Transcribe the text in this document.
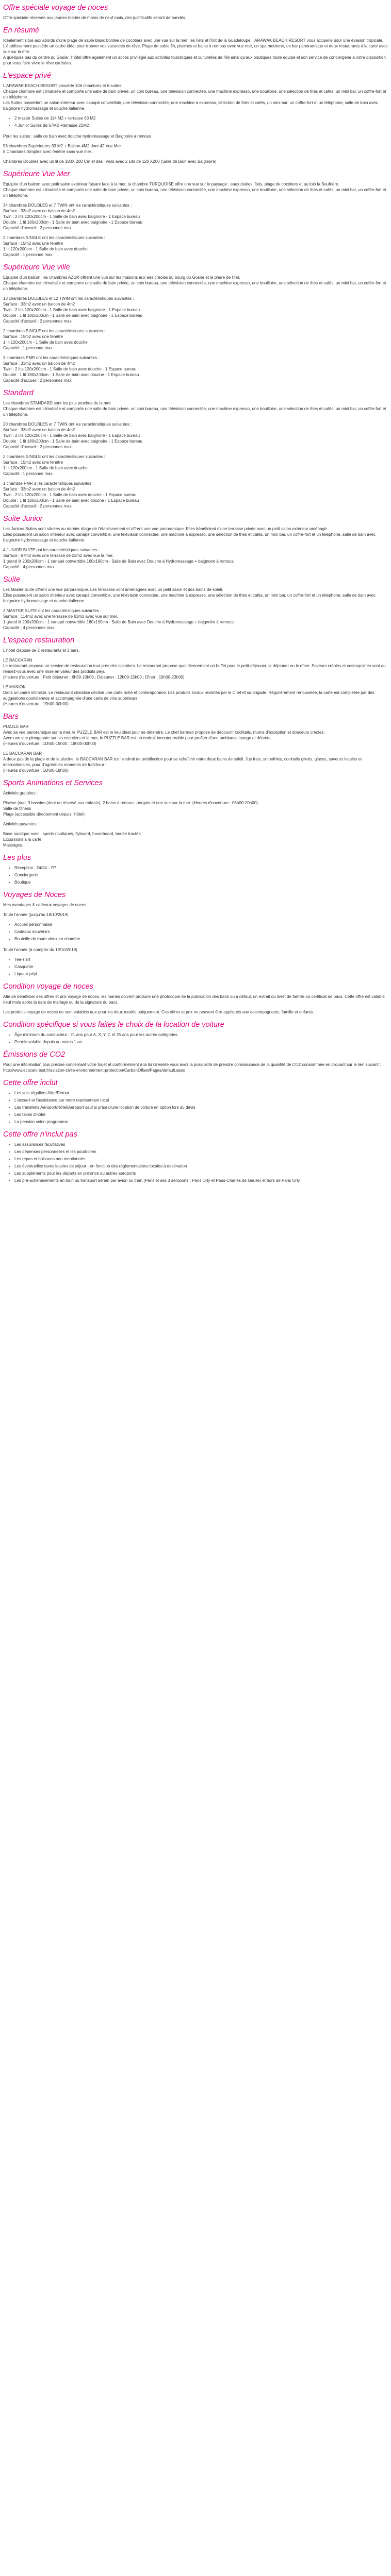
Offre spéciale voyage de noces
Offre spéciale réservée aux jeunes mariés de moins de neuf mois, des justificatifs seront demandés.
En résumé
Idéalement situé aux abords d'une plage de sable blanc bordée de cocotiers avec une vue sur la mer, les îlets et l'îlot de la Guadeloupe, l'ARAWAK BEACH RESORT vous accueille pour une évasion tropicale.
L'établissement possède un cadre idéal pour trouver vos vacances de rêve. Plage de sable fin, piscines et bains à remous avec vue mer, un spa moderne, un bar panoramique et deux restaurants à la carte avec vue sur la mer.
A quelques pas du centre du Gosier, l'hôtel offre également un accès privilégié aux activités touristiques et culturelles de l'île ainsi qu'aux boutiques toute équipé et son service de conciergerie à votre disposition pour vous faire vivre le rêve caribéen.
L'espace privé
L'ARAWAK BEACH RESORT possède 106 chambres et 6 suites.
Chaque chambre est climatisée et comporte une salle de bain privée, un coin bureau, une télévision connectée, une machine expresso, une bouilloire, une sélection de thés et cafés, un mini bar, un coffre-fort et un téléphone.
Les Suites possèdent un salon intérieur avec canapé convertible, une télévision connectée, une machine à expresso, sélection de thés et cafés, un mini bar, un coffre-fort et un téléphone, salle de bain avec baignoire hydromassage et douche italienne.
• 2 master Suites de 114 M2 + terrasse 63 M2
• 4 Junior Suites de 67M2 +terrasse 22M2
Pour les suites : salle de bain avec douche hydromassage et Baignoire à remous
58 chambres Supérieures 33 M2 + Balcon 4M2 dont 42 Vue Mer
8 Chambres Simples avec fenêtre sans vue mer .
Chambres Doubles avec un lit de 180X 200 Cm et des Twins avec 2 Lits de 120 X200 (Salle de Bain avec Baignoire)
Supérieure Vue Mer
Equipée d'un balcon avec petit salon extérieur faisant face à la mer, la chambre TURQUOISE offre une vue sur le paysage : eaux claires, îlets, plage de cocotiers et au loin la Soufrière.
Chaque chambre est climatisée et comporte une salle de bain privée, un coin bureau, une télévision connectée, une machine expresso, une bouilloire, une sélection de thés et cafés, un mini bar, un coffre-fort et un téléphone.
34 chambres DOUBLES et 7 TWIN ont les caractéristiques suivantes :
Surface : 33m2 avec un balcon de 4m2
Twin : 2 lits 120x200cm - 1 Salle de bain avec baignoire - 1 Espace bureau
Double : 1 lit 180x200cm - 1 Salle de bain avec baignoire - 1 Espace bureau
Capacité d'accueil : 2 personnes max.
2 chambres SINGLE ont les caractéristiques suivantes :
Surface : 15m2 avec une fenêtre
1 lit 120x200cm - 1 Salle de bain avec douche
Capacité : 1 personne max
Supérieure Vue ville
Equipée d'un balcon, les chambres AZUR offrent une vue sur les maisons aux airs créoles du bourg du Gosier et la phare de l'Ilet.
Chaque chambre est climatisée et comporte une salle de bain privée, un coin bureau, une télévision connectée, une machine expresso, une bouilloire, une sélection de thés et cafés, un mini bar, un coffre-fort et un téléphone.
13 chambres DOUBLES et 12 TWIN ont les caractéristiques suivantes :
Surface : 33m2 avec un balcon de 4m2
Twin : 2 lits 120x200cm - 1 Salle de bain avec baignoire - 1 Espace bureau
Double : 1 lit 180x200cm - 1 Salle de bain avec baignoire - 1 Espace bureau
Capacité d'accueil : 2 personnes max
2 chambres SINGLE ont les caractéristiques suivantes :
Surface : 15m2 avec une fenêtre
1 lit 120x200cm - 1 Salle de bain avec douche
Capacité : 1 personne max
3 chambres PMR ont les caractéristiques suivantes :
Surface : 33m2 avec un balcon de 4m2
Twin : 2 lits 120x200cm - 1 Salle de bain avec douche - 1 Espace bureau
Double : 1 lit 180x200cm - 1 Salle de bain avec douche - 1 Espace bureau
Capacité d'accueil : 2 personnes max
Standard
Les chambres STANDARD sont les plus proches de la mer.
Chaque chambre est climatisée et comporte une salle de bain privée, un coin bureau, une télévision connectée, une machine expresso, une bouilloire, une sélection de thés et cafés, un mini bar, un coffre-fort et un téléphone.
20 chambres DOUBLES et 7 TWIN ont les caractéristiques suivantes :
Surface : 33m2 avec un balcon de 4m2
Twin : 2 lits 120x200cm - 1 Salle de bain avec baignoire - 1 Espace bureau
Double : 1 lit 180x200cm - 1 Salle de bain avec baignoire - 1 Espace bureau
Capacité d'accueil : 2 personnes max
2 chambres SINGLE ont les caractéristiques suivantes :
Surface : 15m2 avec une fenêtre
1 lit 120x200cm - 1 Salle de bain avec douche
Capacité : 1 personne max
1 chambre PMR à les caractéristiques suivantes :
Surface : 33m2 avec un balcon de 4m2
Twin : 2 lits 120x200cm - 1 Salle de bain avec douche - 1 Espace bureau
Double : 1 lit 180x200cm - 1 Salle de bain avec douche - 1 Espace bureau
Capacité d'accueil : 2 personnes max
Suite Junior
Les Juniors Suites sont situées au dernier étage de l'établissement et offrent une vue panoramique. Elles bénéficient d'une terrasse privée avec un petit salon extérieur aménagé.
Elles possèdent un salon intérieur avec canapé convertible, une télévision connectée, une machine à expresso, une sélection de thés et cafés, un mini bar, un coffre-fort et un téléphone, salle de bain avec baignoire hydromassage et douche italienne.
4 JUNIOR SUITE ont les caractéristiques suivantes :
Surface : 67m2 avec une terrasse de 22m2 avec vue la mer,
1 grand lit 200x200cm - 1 canapé convertible 160x190cm - Salle de Bain avec Douche à Hydromassage + baignoire à remous.
Capacité : 4 personnes max
Suite
Les Master Suite offrent une vue panoramique. Les terrasses sont aménagées avec un petit salon et des bains de soleil.
Elles possèdent un salon intérieur avec canapé convertible, une télévision connectée, une machine à expresso, une sélection de thés et cafés, un mini bar, un coffre-fort et un téléphone, salle de bain avec baignoire hydromassage et douche italienne.
2 MASTER SUITE ont les caractéristiques suivantes :
Surface : 114m2 avec une terrasse de 63m2 avec vue sur mer,
1 grand lit 200x200cm - 1 canapé convertible 160x190cm - Salle de Bain avec Douche à Hydromassage + baignoire à remous.
Capacité : 4 personnes max
L'espace restauration
L'hôtel dispose de 2 restaurants et 2 bars.
LE BACCARAN
Le restaurant propose un service de restauration tout près des cocotiers. Le restaurant propose quotidiennement un buffet pour le petit-déjeuner, le déjeuner ou le dîner. Saveurs créoles et cosmopolites sont au rendez-vous avec une mise en valeur des produits péyi.
(Heures d'ouverture : Petit déjeuner : 6h30-10h00 ; Déjeuner : 12h00-15h00 ; Dîner : 19h00-23h00).
LE MANIOK
Dans un cadre intimiste, Le restaurant climatisé décliné une carte riche et contemporaine. Les produits locaux revisités par le Chef et sa brigade. Régulièrement renouvelée, la carte est complétée par des suggestions quotidiennes et accompagnée d'une carte de vins supérieurs.
(Heures d'ouverture : 19h00-00h00)
Bars
PUZZLE BAR
Avec sa vue panoramique sur la mer, le PUZZLE BAR est le lieu idéal pour se détendre. Le chef barman propose de découvrir cocktails, rhums d'exception et douceurs créoles.
Avec une vue plongeante sur les cocotiers et la mer, le PUZZLE BAR est un endroit incontournable pour profiter d'une ambiance lounge et détente.
(Heures d'ouverture : 10h00-15h00 ; 18h00-00h00)
LE BACCARAN BAR
A deux pas de la plage et de la piscine, le BACCARAN BAR est l'endroit de prédilection pour se rafraîchir entre deux bains de soleil. Jus frais, smoothies, cocktails givrés, glaces, saveurs locales et internationales, pour d'agréables moments de fraîcheur !
(Heures d'ouverture : 10h00-18h00)
Sports Animations et Services
Activités gratuites :
Piscine (vue, 3 bassins (dont un réservé aux enfants), 2 bains à remous, pergola et une vue sur la mer. (Heures d'ouverture : 06h00-20h00)
Salle de fitness
Plage (accessible directement depuis l'hôtel)
Activités payantes :
Base nautique avec : sports nautiques, flyboard, hoverboard, bouée tractée.
Excursions à la carte.
Massages.
Les plus
• Réception : 24/24 - 7/7
• Conciergerie
• Boutique
Voyages de Noces
Mes avantages & cadeaux voyages de noces
Toute l'année (jusqu'au 18/10/2019)
• Accueil personnalisé
• Cadeaux souvenirs
• Bouteille de rhum vieux en chambre
Toute l'année (à compter du 19/10/2019)
• Tee-shirt
• Casquette
• Liqueur péyi
Condition voyage de noces
Afin de bénéficier des offres et prix voyage de noces, les mariés doivent produire une photocopie de la publication des bans ou à défaut, un extrait du livret de famille ou certificat de pacs. Cette offre est valable neuf mois après la date de mariage ou de la signature du pacs.
Les produits voyage de noces ne sont valables que pour les deux mariés uniquement. Ces offres et prix ne peuvent être appliqués aux accompagnants, famille et enfants.
Condition spécifique si vous faites le choix de la location de voiture
• Âge minimum du conducteur : 21 ans pour A, X, Y, C et 25 ans pour les autres catégories
• Permis valable depuis au moins 1 an.
Émissions de CO2
Pour une information plus précise concernant votre trajet et conformément à la loi Grenelle vous avez la possibilité de prendre connaissance de la quantité de CO2 consommée en cliquant sur le lien suivant : http://www.ecocalc-test.fr/aviation-civile-environnement-protection/CarbonOffset/Pages/default.aspx
Cette offre inclut
• Les vols réguliers Aller/Retour
• L'accueil et l'assistance par notre représentant local
• Les transferts Aéroport/Hôtel/Aéroport sauf si prise d'une location de voiture en option lors du devis
• Les taxes d'hôtel
• La pension selon programme
Cette offre n'inclut pas
• Les assurances facultatives
• Les dépenses personnelles et les pourboires
• Les repas et boissons non mentionnés
• Les éventuelles taxes locales de séjour - en fonction des réglementations locales à destination
• Les suppléments pour les départs en province ou autres aéroports
• Les pré-acheminements en train ou transport aérien par avion ou train (Paris et ses 3 aéroports : Paris Orly et Paris-Charles de Gaulle) et hors de Paris Orly
